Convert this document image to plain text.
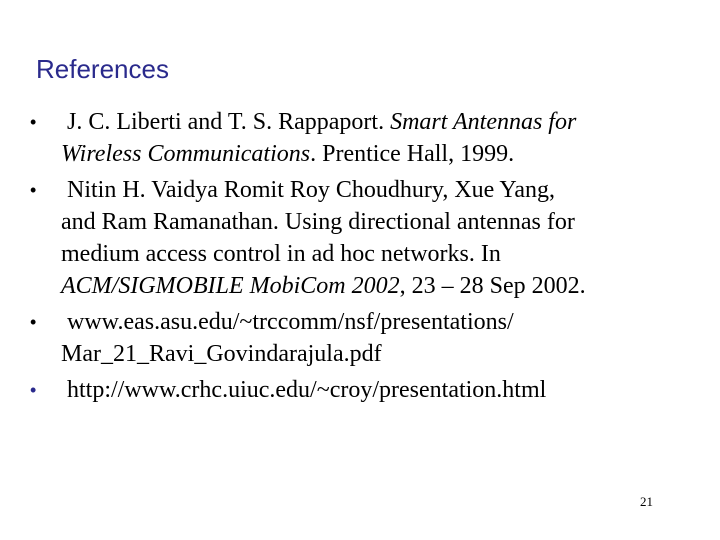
References
•	J. C. Liberti and T. S. Rappaport. Smart Antennas for
Wireless Communications. Prentice Hall, 1999.
•	Nitin H. Vaidya Romit Roy Choudhury, Xue Yang,
and Ram Ramanathan. Using directional antennas for
medium access control in ad hoc networks. In
ACM/SIGMOBILE MobiCom 2002, 23 – 28 Sep 2002.
•	www.eas.asu.edu/~trccomm/nsf/presentations/
Mar_21_Ravi_Govindarajula.pdf
•	http://www.crhc.uiuc.edu/~croy/presentation.html
21
